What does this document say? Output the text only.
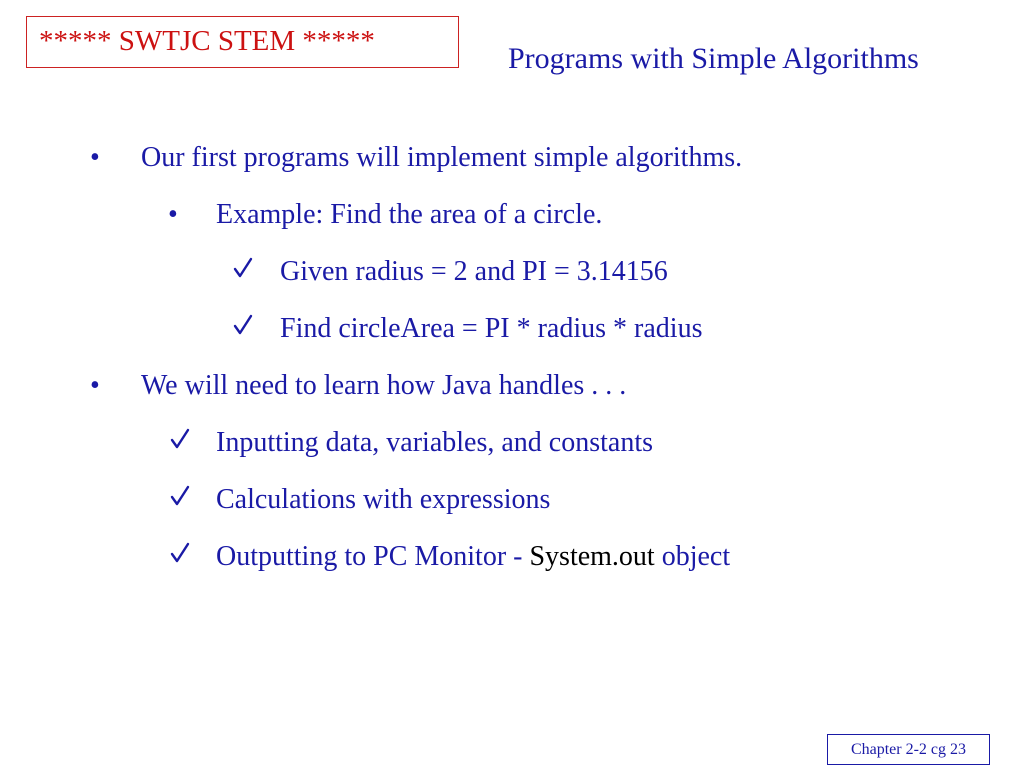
***** SWTJC STEM *****
Programs with Simple Algorithms
• Our first programs will implement simple algorithms.
• Example: Find the area of a circle.
Given radius = 2 and PI = 3.14156
Find circleArea = PI * radius * radius
• We will need to learn how Java handles . . .
Inputting data, variables, and constants
Calculations with expressions
Outputting to PC Monitor - System.out object
Chapter 2-2 cg 23
